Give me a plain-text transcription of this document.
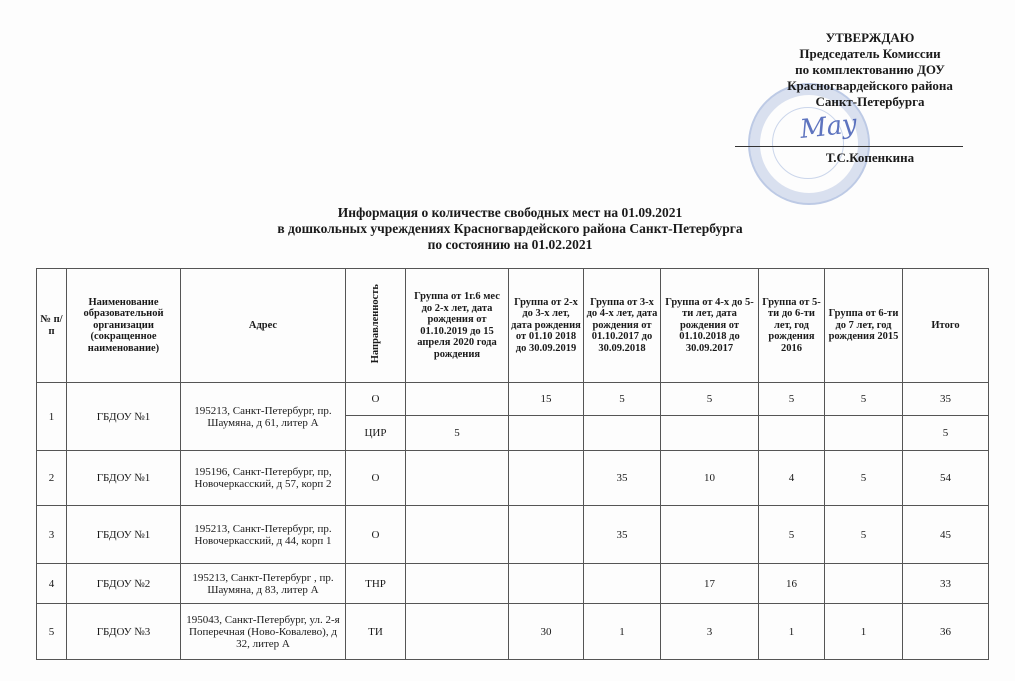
УТВЕРЖДАЮ
Председатель Комиссии
по комплектованию ДОУ
Красногвардейского района
Санкт-Петербурга
Мау
Т.С.Копенкина
Информация о количестве свободных мест на 01.09.2021
в дошкольных учреждениях Красногвардейского района Санкт-Петербурга
по состоянию на 01.02.2021
№ п/ п	Наименование образовательной организации (сокращенное наименование)	Адрес	Направленность	Группа от 1г.6 мес до 2-х лет, дата рождения от 01.10.2019 до 15 апреля 2020 года рождения	Группа от 2-х до 3-х лет, дата рождения от 01.10 2018 до 30.09.2019	Группа от 3-х до 4-х лет, дата рождения от 01.10.2017 до 30.09.2018	Группа от 4-х до 5-ти лет, дата рождения от 01.10.2018 до 30.09.2017	Группа от 5-ти до 6-ти лет, год рождения 2016	Группа от 6-ти до 7 лет, год рождения 2015	Итого
1	ГБДОУ №1	195213, Санкт-Петербург, пр. Шаумяна, д 61, литер А	О		15	5	5	5	5	35
			ЦИР	5						5
2	ГБДОУ №1	195196, Санкт-Петербург, пр, Новочеркасский, д 57, корп 2	О			35	10	4	5	54
3	ГБДОУ №1	195213, Санкт-Петербург, пр. Новочеркасский, д 44, корп 1	О			35		5	5	45
4	ГБДОУ №2	195213, Санкт-Петербург , пр. Шаумяна, д 83, литер А	ТНР				17	16		33
5	ГБДОУ №3	195043, Санкт-Петербург, ул. 2-я Поперечная (Ново-Ковалево), д 32, литер А	ТИ		30	1	3	1	1	36
